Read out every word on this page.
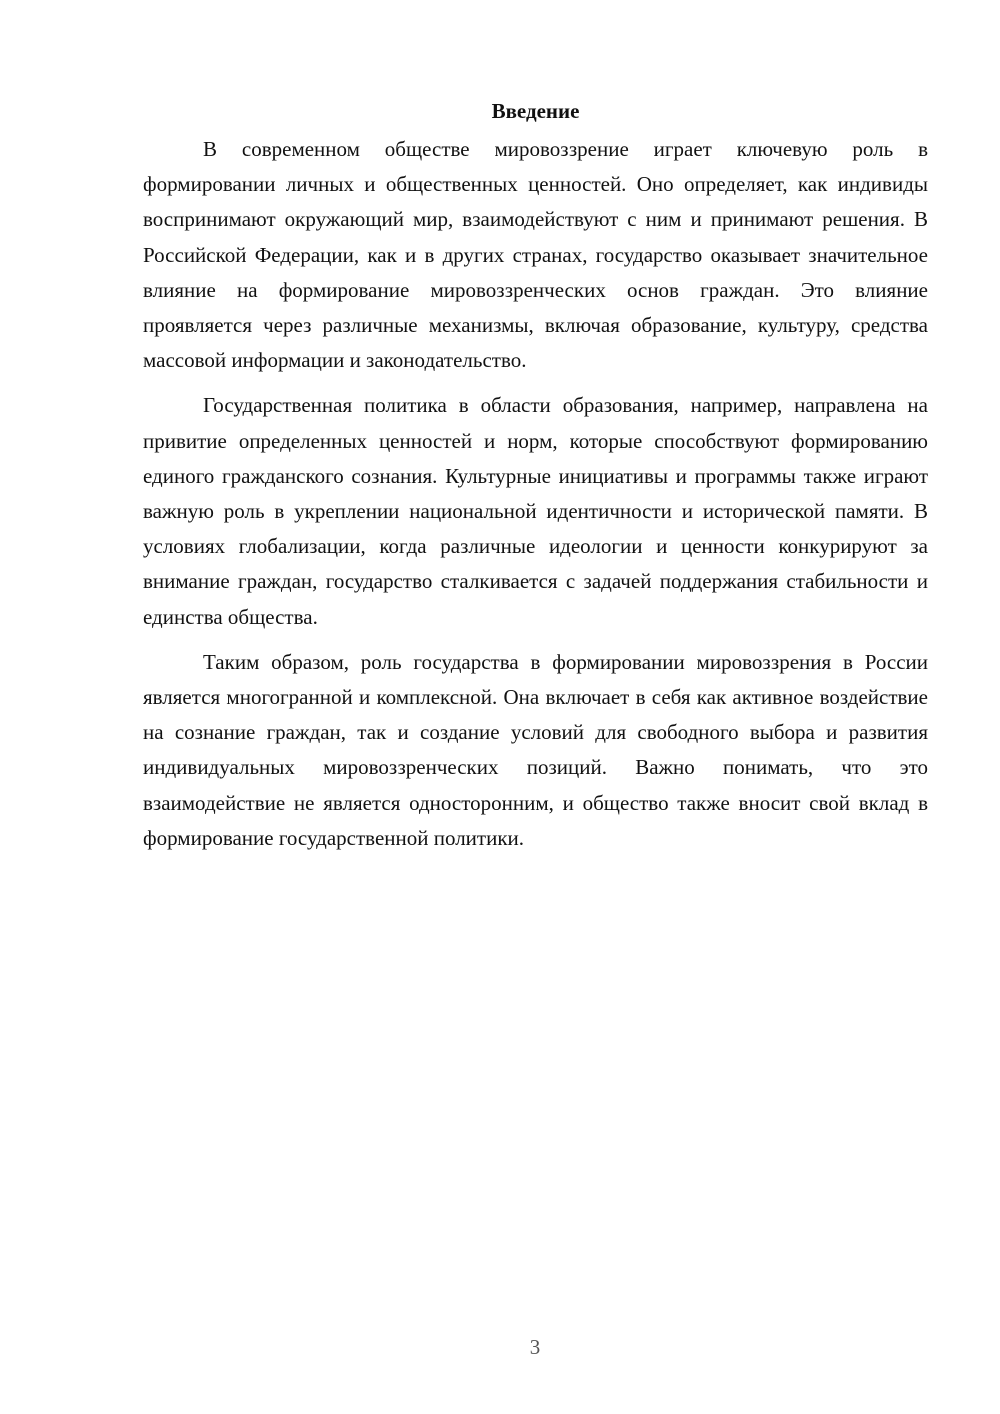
Введение

В современном обществе мировоззрение играет ключевую роль в формировании личных и общественных ценностей. Оно определяет, как индивиды воспринимают окружающий мир, взаимодействуют с ним и принимают решения. В Российской Федерации, как и в других странах, государство оказывает значительное влияние на формирование мировоззренческих основ граждан. Это влияние проявляется через различные механизмы, включая образование, культуру, средства массовой информации и законодательство.

Государственная политика в области образования, например, направлена на привитие определенных ценностей и норм, которые способствуют формированию единого гражданского сознания. Культурные инициативы и программы также играют важную роль в укреплении национальной идентичности и исторической памяти. В условиях глобализации, когда различные идеологии и ценности конкурируют за внимание граждан, государство сталкивается с задачей поддержания стабильности и единства общества.

Таким образом, роль государства в формировании мировоззрения в России является многогранной и комплексной. Она включает в себя как активное воздействие на сознание граждан, так и создание условий для свободного выбора и развития индивидуальных мировоззренческих позиций. Важно понимать, что это взаимодействие не является односторонним, и общество также вносит свой вклад в формирование государственной политики.

3
